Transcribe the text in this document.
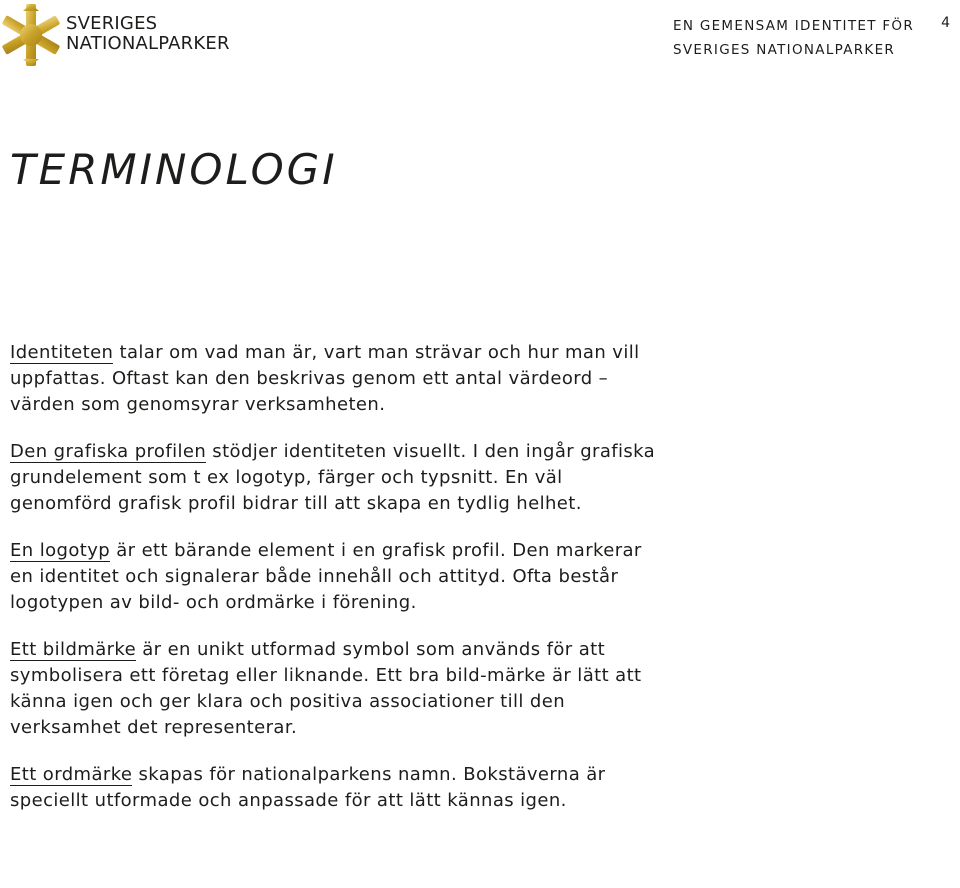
SVERIGES
NATIONALPARKER
EN GEMENSAM IDENTITET FÖR
SVERIGES NATIONALPARKER
4
TERMINOLOGI

Identiteten talar om vad man är, vart man strävar och hur man vill uppfattas. Oftast kan den beskrivas genom ett antal värdeord – värden som genomsyrar verksamheten.

Den grafiska profilen stödjer identiteten visuellt. I den ingår grafiska grundelement som t ex logotyp, färger och typsnitt. En väl genomförd grafisk profil bidrar till att skapa en tydlig helhet.

En logotyp är ett bärande element i en grafisk profil. Den markerar en identitet och signalerar både innehåll och attityd. Ofta består logotypen av bild- och ordmärke i förening.

Ett bildmärke är en unikt utformad symbol som används för att symbolisera ett företag eller liknande. Ett bra bild-märke är lätt att känna igen och ger klara och positiva associationer till den verksamhet det representerar.

Ett ordmärke skapas för nationalparkens namn. Bokstäverna är speciellt utformade och anpassade för att lätt kännas igen.
